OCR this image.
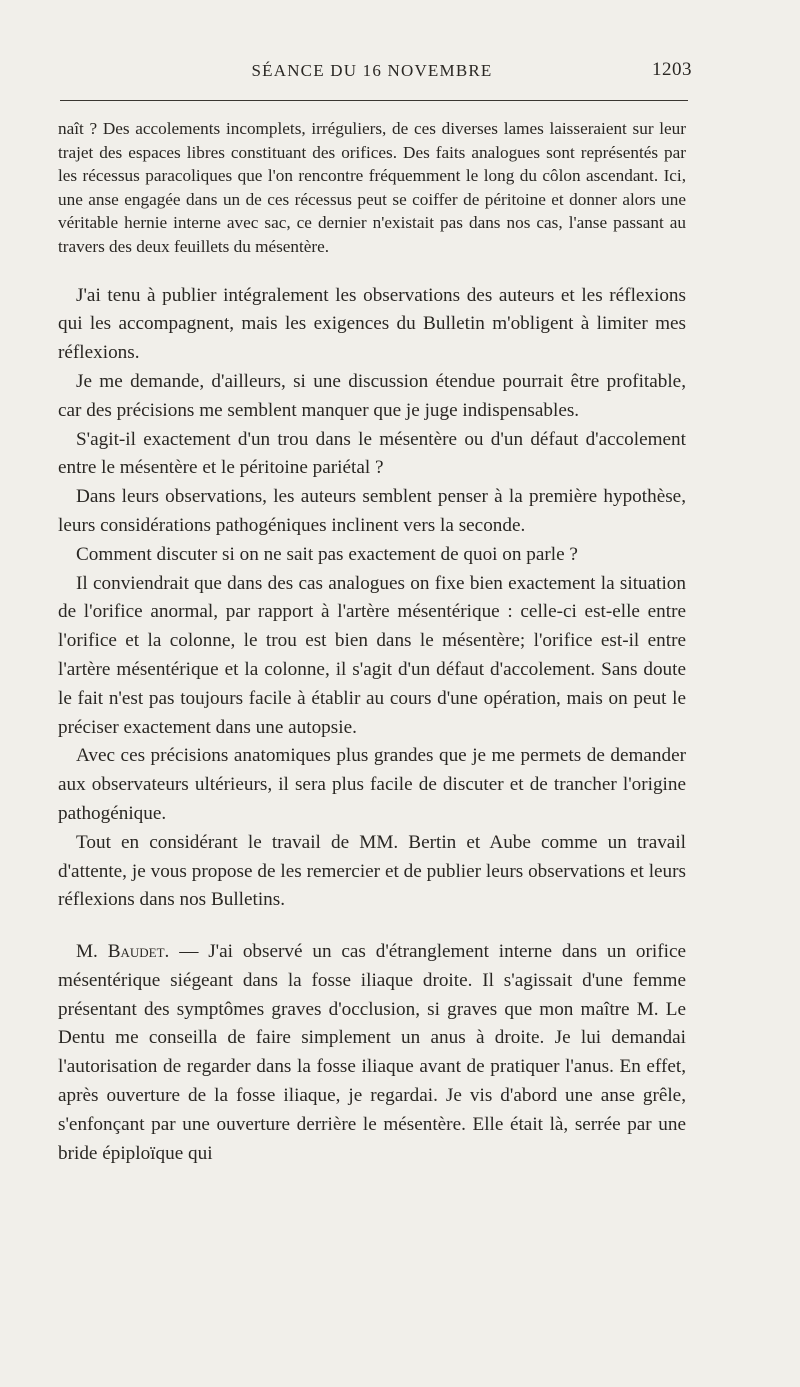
SÉANCE DU 16 NOVEMBRE	1203

naît ? Des accolements incomplets, irréguliers, de ces diverses lames laisseraient sur leur trajet des espaces libres constituant des orifices. Des faits analogues sont représentés par les récessus paracoliques que l'on rencontre fréquemment le long du côlon ascendant. Ici, une anse engagée dans un de ces récessus peut se coiffer de péritoine et donner alors une véritable hernie interne avec sac, ce dernier n'existait pas dans nos cas, l'anse passant au travers des deux feuillets du mésentère.

J'ai tenu à publier intégralement les observations des auteurs et les réflexions qui les accompagnent, mais les exigences du Bulletin m'obligent à limiter mes réflexions.

Je me demande, d'ailleurs, si une discussion étendue pourrait être profitable, car des précisions me semblent manquer que je juge indispensables.

S'agit-il exactement d'un trou dans le mésentère ou d'un défaut d'accolement entre le mésentère et le péritoine pariétal ?

Dans leurs observations, les auteurs semblent penser à la première hypothèse, leurs considérations pathogéniques inclinent vers la seconde.

Comment discuter si on ne sait pas exactement de quoi on parle ?

Il conviendrait que dans des cas analogues on fixe bien exactement la situation de l'orifice anormal, par rapport à l'artère mésentérique : celle-ci est-elle entre l'orifice et la colonne, le trou est bien dans le mésentère; l'orifice est-il entre l'artère mésentérique et la colonne, il s'agit d'un défaut d'accolement. Sans doute le fait n'est pas toujours facile à établir au cours d'une opération, mais on peut le préciser exactement dans une autopsie.

Avec ces précisions anatomiques plus grandes que je me permets de demander aux observateurs ultérieurs, il sera plus facile de discuter et de trancher l'origine pathogénique.

Tout en considérant le travail de MM. Bertin et Aube comme un travail d'attente, je vous propose de les remercier et de publier leurs observations et leurs réflexions dans nos Bulletins.

M. Baudet. — J'ai observé un cas d'étranglement interne dans un orifice mésentérique siégeant dans la fosse iliaque droite. Il s'agissait d'une femme présentant des symptômes graves d'occlusion, si graves que mon maître M. Le Dentu me conseilla de faire simplement un anus à droite. Je lui demandai l'autorisation de regarder dans la fosse iliaque avant de pratiquer l'anus. En effet, après ouverture de la fosse iliaque, je regardai. Je vis d'abord une anse grêle, s'enfonçant par une ouverture derrière le mésentère. Elle était là, serrée par une bride épiploïque qui
